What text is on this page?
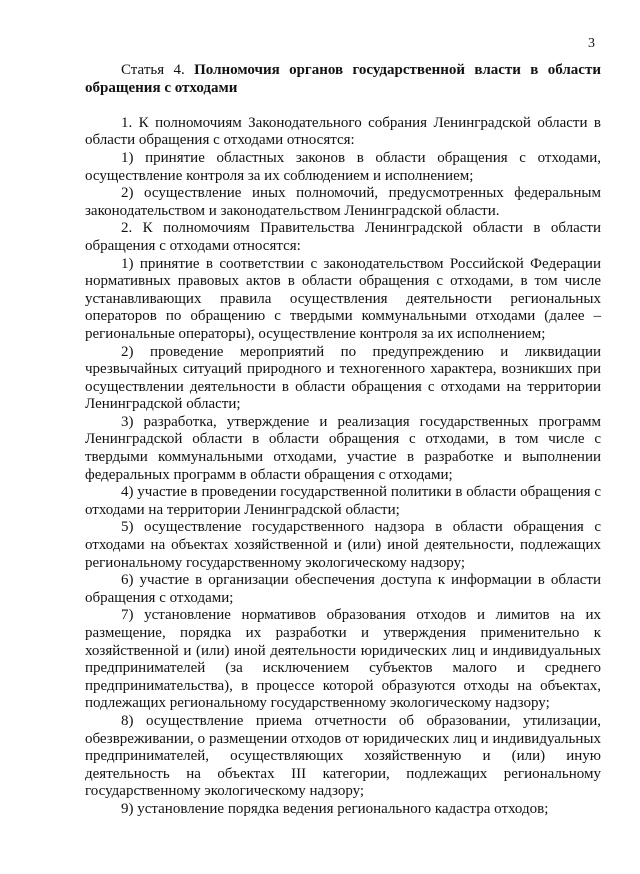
3

Статья 4. Полномочия органов государственной власти в области обращения с отходами

1. К полномочиям Законодательного собрания Ленинградской области в области обращения с отходами относятся:

1) принятие областных законов в области обращения с отходами, осуществление контроля за их соблюдением и исполнением;

2) осуществление иных полномочий, предусмотренных федеральным законодательством и законодательством Ленинградской области.

2. К полномочиям Правительства Ленинградской области в области обращения с отходами относятся:

1) принятие в соответствии с законодательством Российской Федерации нормативных правовых актов в области обращения с отходами, в том числе устанавливающих правила осуществления деятельности региональных операторов по обращению с твердыми коммунальными отходами (далее – региональные операторы), осуществление контроля за их исполнением;

2) проведение мероприятий по предупреждению и ликвидации чрезвычайных ситуаций природного и техногенного характера, возникших при осуществлении деятельности в области обращения с отходами на территории Ленинградской области;

3) разработка, утверждение и реализация государственных программ Ленинградской области в области обращения с отходами, в том числе с твердыми коммунальными отходами, участие в разработке и выполнении федеральных программ в области обращения с отходами;

4) участие в проведении государственной политики в области обращения с отходами на территории Ленинградской области;

5) осуществление государственного надзора в области обращения с отходами на объектах хозяйственной и (или) иной деятельности, подлежащих региональному государственному экологическому надзору;

6) участие в организации обеспечения доступа к информации в области обращения с отходами;

7) установление нормативов образования отходов и лимитов на их размещение, порядка их разработки и утверждения применительно к хозяйственной и (или) иной деятельности юридических лиц и индивидуальных предпринимателей (за исключением субъектов малого и среднего предпринимательства), в процессе которой образуются отходы на объектах, подлежащих региональному государственному экологическому надзору;

8) осуществление приема отчетности об образовании, утилизации, обезвреживании, о размещении отходов от юридических лиц и индивидуальных предпринимателей, осуществляющих хозяйственную и (или) иную деятельность на объектах III категории, подлежащих региональному государственному экологическому надзору;

9) установление порядка ведения регионального кадастра отходов;
